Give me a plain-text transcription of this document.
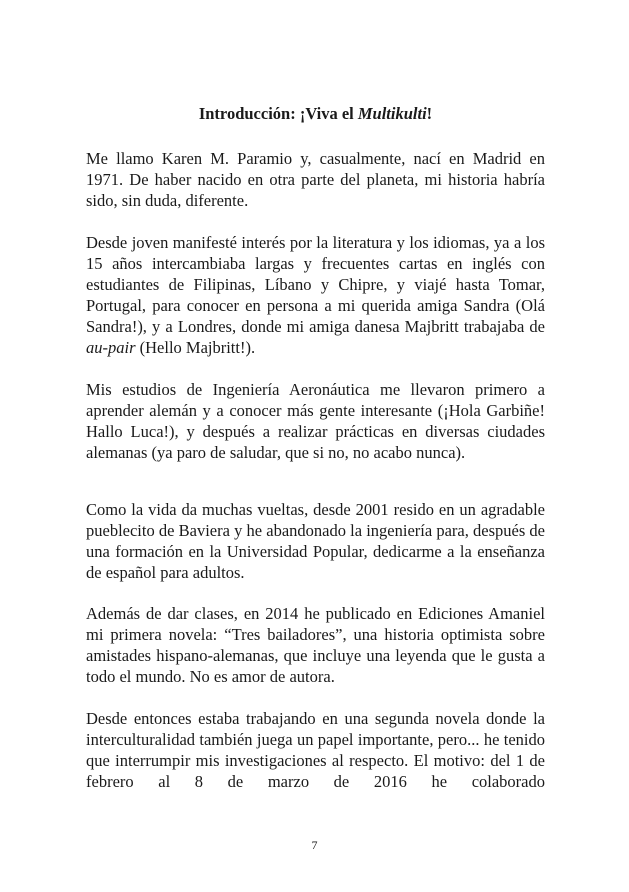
Introducción: ¡Viva el Multikulti!

Me llamo Karen M. Paramio y, casualmente, nací en Madrid en 1971. De haber nacido en otra parte del planeta, mi historia habría sido, sin duda, diferente.

Desde joven manifesté interés por la literatura y los idiomas, ya a los 15 años intercambiaba largas y frecuentes cartas en inglés con estudiantes de Filipinas, Líbano y Chipre, y viajé hasta Tomar, Portugal, para conocer en persona a mi querida amiga Sandra (Olá Sandra!), y a Londres, donde mi amiga danesa Majbritt trabajaba de au-pair (Hello Majbritt!).

Mis estudios de Ingeniería Aeronáutica me llevaron primero a aprender alemán y a conocer más gente interesante (¡Hola Garbiñe! Hallo Luca!), y después a realizar prácticas en diversas ciudades alemanas (ya paro de saludar, que si no, no acabo nunca).

Como la vida da muchas vueltas, desde 2001 resido en un agradable pueblecito de Baviera y he abandonado la ingeniería para, después de una formación en la Universidad Popular, dedicarme a la enseñanza de español para adultos.

Además de dar clases, en 2014 he publicado en Ediciones Amaniel mi primera novela: “Tres bailadores”, una historia optimista sobre amistades hispano-alemanas, que incluye una leyenda que le gusta a todo el mundo. No es amor de autora.

Desde entonces estaba trabajando en una segunda novela donde la interculturalidad también juega un papel importante, pero... he tenido que interrumpir mis investigaciones al respecto. El motivo: del 1 de febrero al 8 de marzo de 2016 he colaborado

7
